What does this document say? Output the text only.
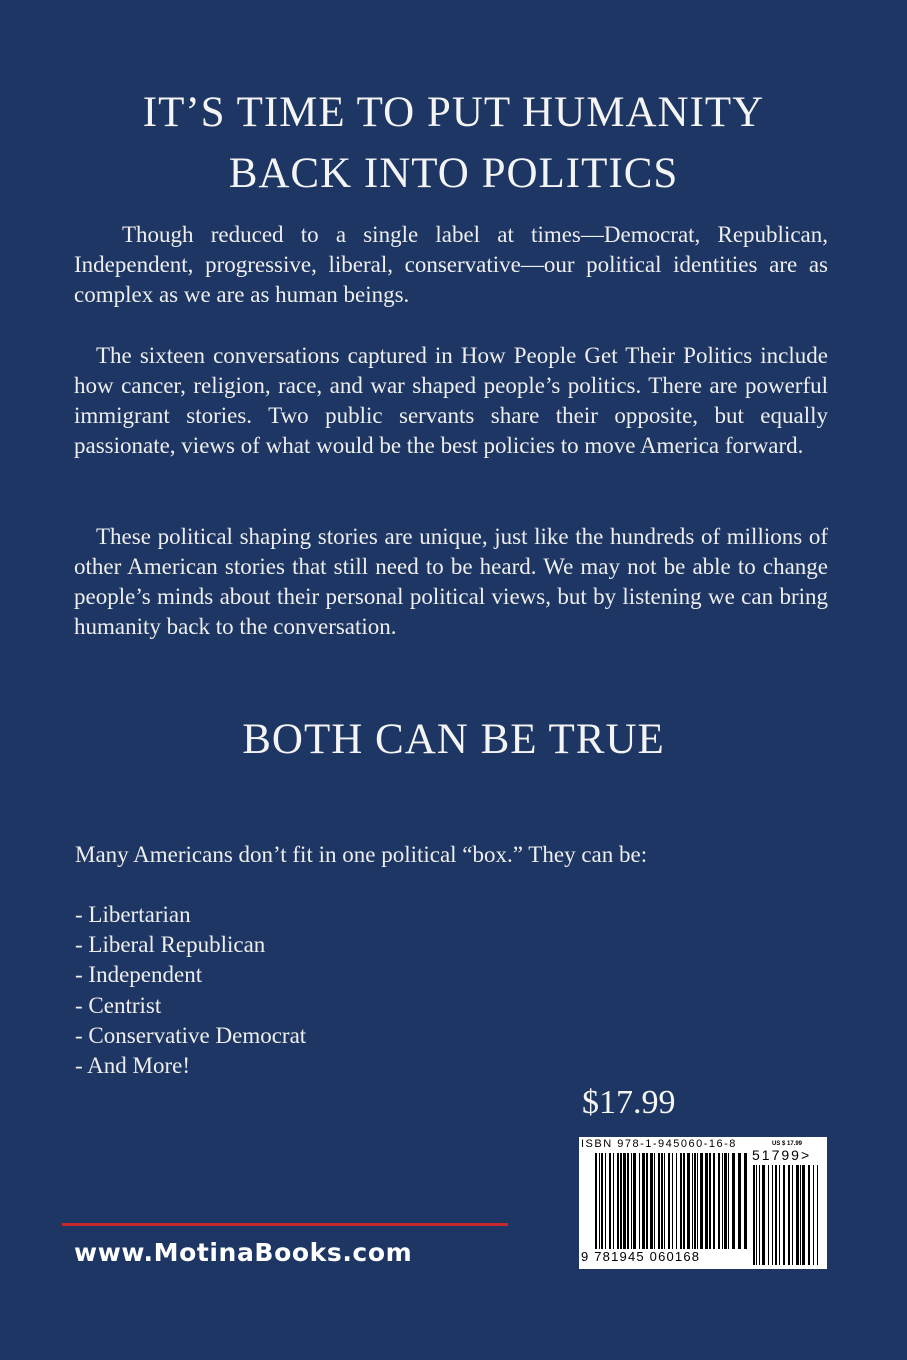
IT’S TIME TO PUT HUMANITY
BACK INTO POLITICS

Though reduced to a single label at times—Democrat, Republican, Independent, progressive, liberal, conservative—our political identities are as complex as we are as human beings.

The sixteen conversations captured in How People Get Their Politics include how cancer, religion, race, and war shaped people’s politics. There are powerful immigrant stories. Two public servants share their opposite, but equally passionate, views of what would be the best policies to move America forward.

These political shaping stories are unique, just like the hundreds of millions of other American stories that still need to be heard. We may not be able to change people’s minds about their personal political views, but by listening we can bring humanity back to the conversation.

BOTH CAN BE TRUE
Many Americans don’t fit in one political “box.” They can be:
- Libertarian
- Liberal Republican
- Independent
- Centrist
- Conservative Democrat
- And More!
$17.99
ISBN 978-1-945060-16-8	US $ 17.99
51799>
9 781945 060168
www.MotinaBooks.com
